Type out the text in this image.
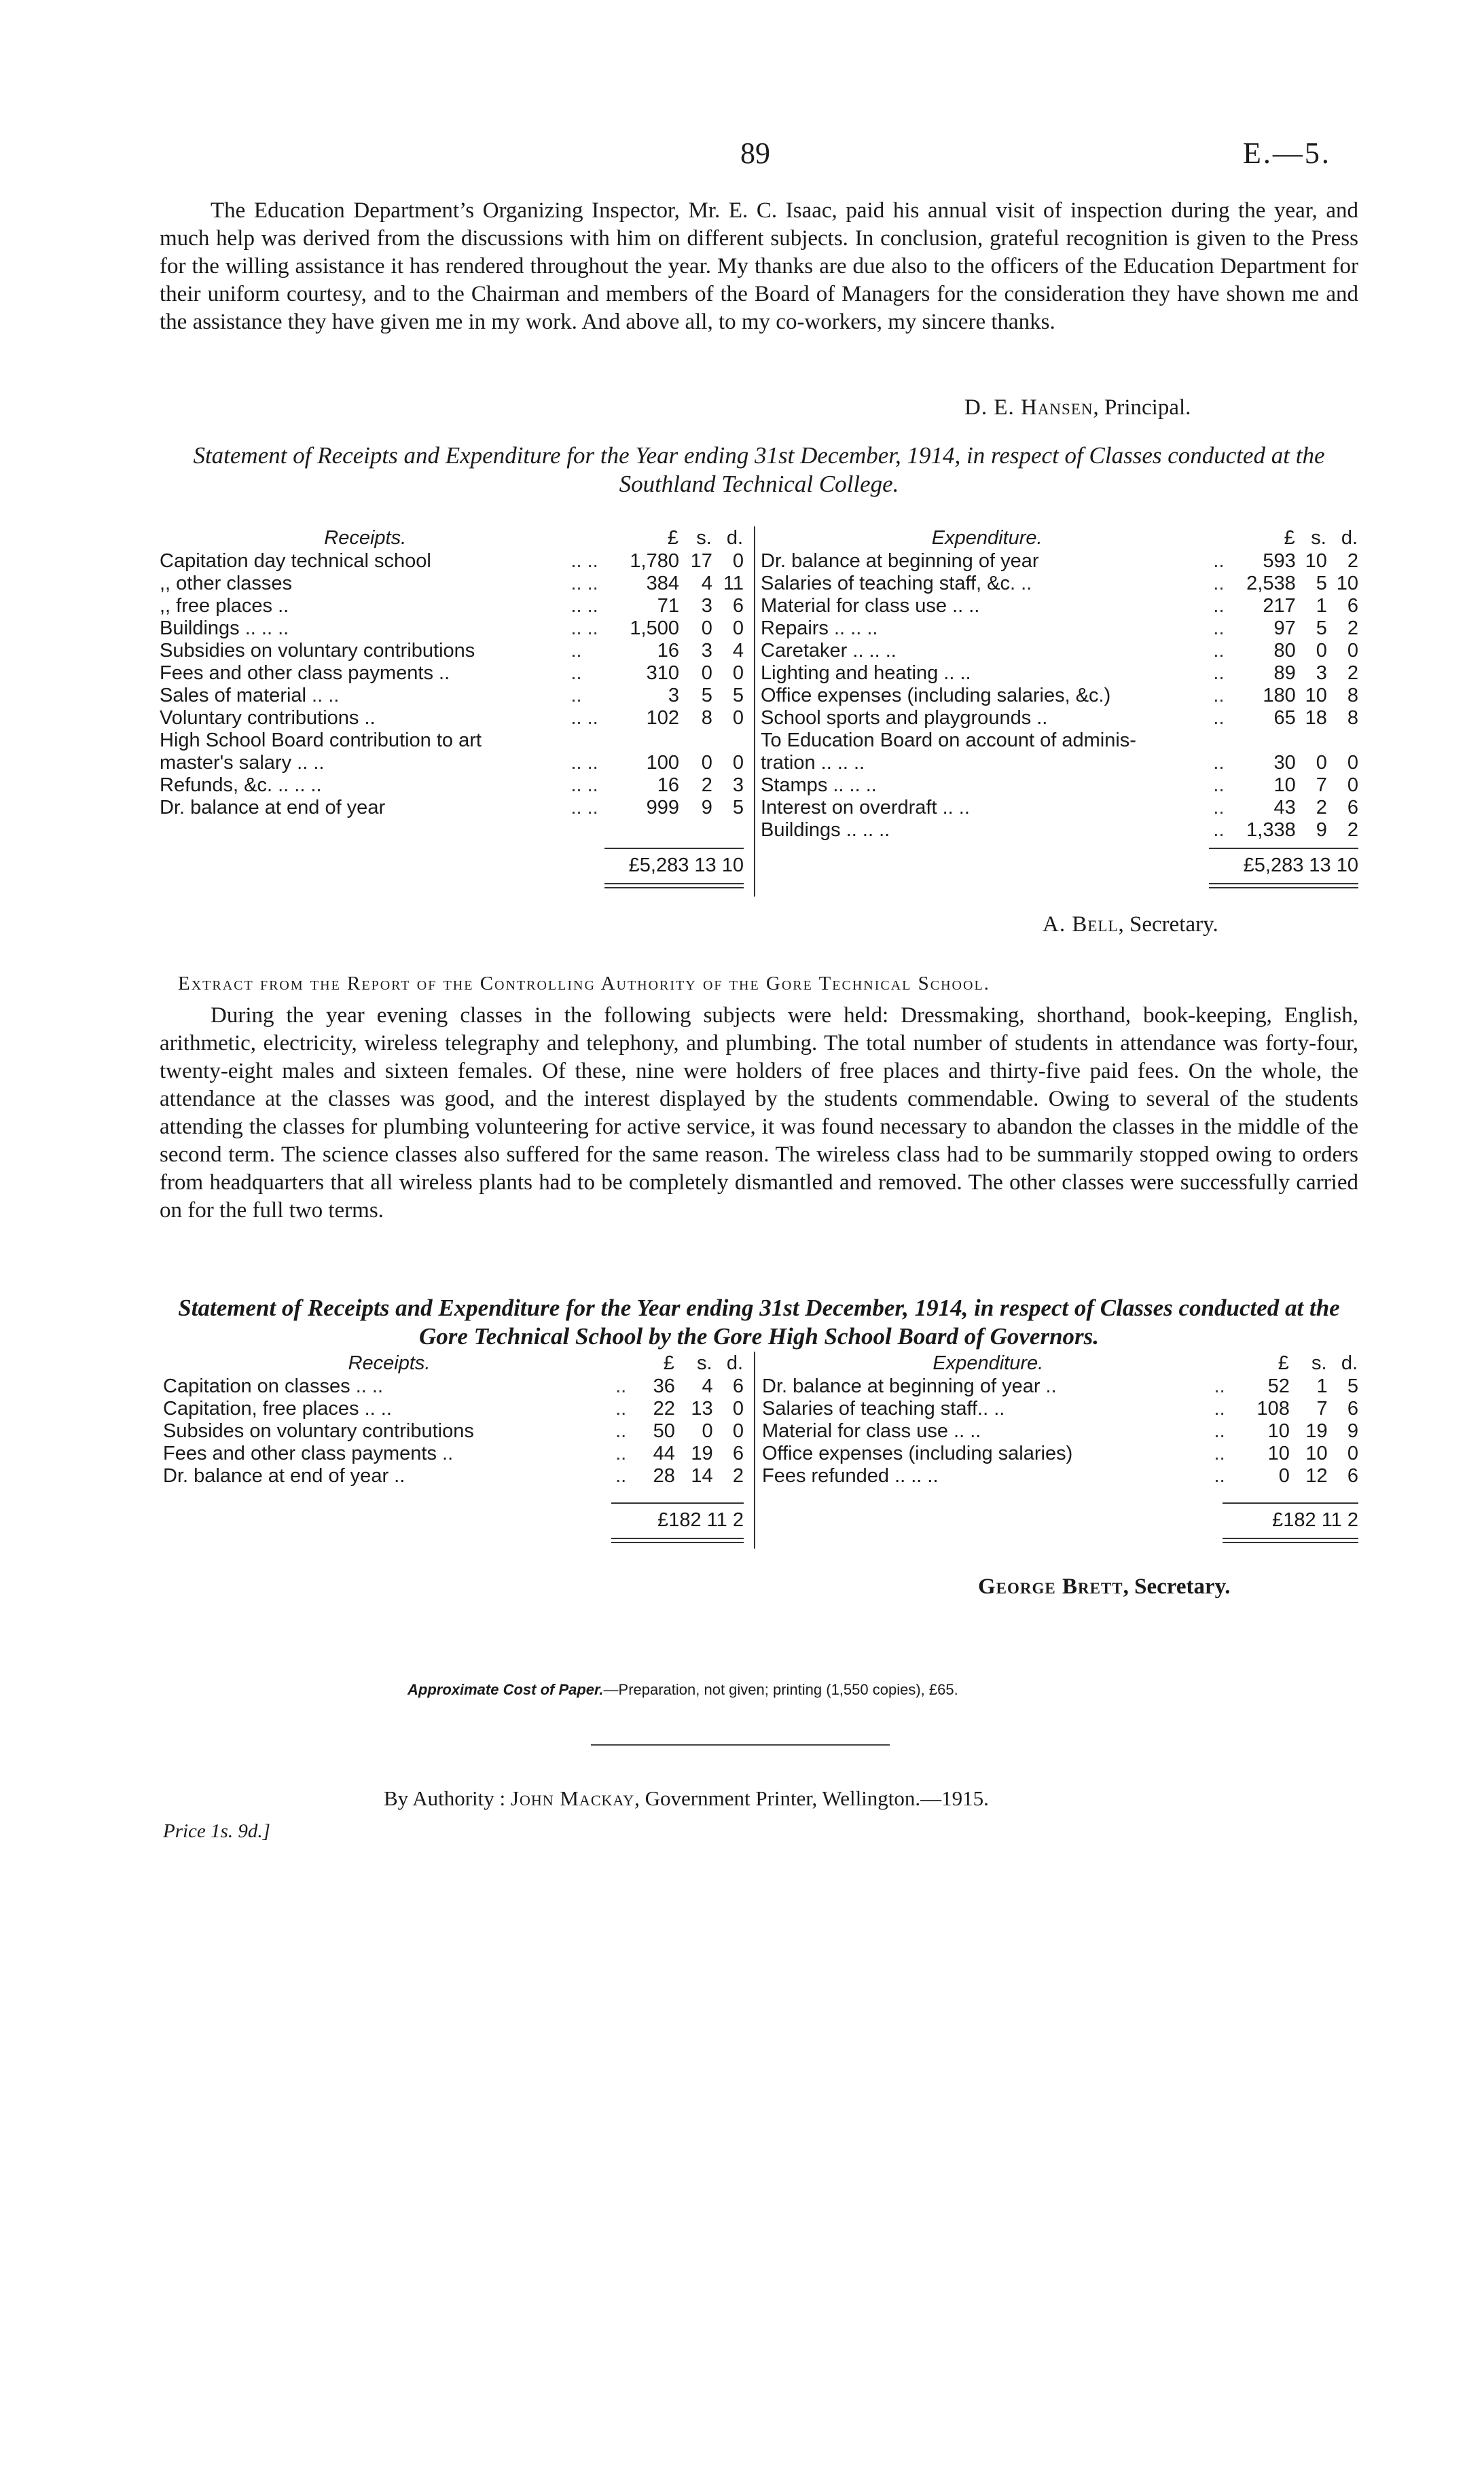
89	E.—5.
The Education Department’s Organizing Inspector, Mr. E. C. Isaac, paid his annual visit of inspection during the year, and much help was derived from the discussions with him on different subjects. In conclusion, grateful recognition is given to the Press for the willing assistance it has rendered throughout the year. My thanks are due also to the officers of the Education Department for their uniform courtesy, and to the Chairman and members of the Board of Managers for the consideration they have shown me and the assistance they have given me in my work. And above all, to my co-workers, my sincere thanks.
D. E. Hansen, Principal.
Statement of Receipts and Expenditure for the Year ending 31st December, 1914, in respect of Classes conducted at the Southland Technical College.
Receipts.		£	s.	d.
Capitation day technical school	.. ..	1,780	17	0
,, other classes	.. ..	384	4	11
,, free places ..	.. ..	71	3	6
Buildings .. .. ..	.. ..	1,500	0	0
Subsidies on voluntary contributions	..	16	3	4
Fees and other class payments ..	..	310	0	0
Sales of material .. ..	..	3	5	5
Voluntary contributions ..	.. ..	102	8	0
High School Board contribution to art				
master's salary .. ..	.. ..	100	0	0
Refunds, &c. .. .. ..	.. ..	16	2	3
Dr. balance at end of year	.. ..	999	9	5
Expenditure.		£	s.	d.
Dr. balance at beginning of year	..	593	10	2
Salaries of teaching staff, &c. ..	..	2,538	5	10
Material for class use .. ..	..	217	1	6
Repairs .. .. ..	..	97	5	2
Caretaker .. .. ..	..	80	0	0
Lighting and heating .. ..	..	89	3	2
Office expenses (including salaries, &c.)	..	180	10	8
School sports and playgrounds ..	..	65	18	8
To Education Board on account of adminis-				
tration .. .. ..	..	30	0	0
Stamps .. .. ..	..	10	7	0
Interest on overdraft .. ..	..	43	2	6
Buildings .. .. ..	..	1,338	9	2
£5,283 13 10	£5,283 13 10
A. Bell, Secretary.
Extract from the Report of the Controlling Authority of the Gore Technical School.
During the year evening classes in the following subjects were held: Dressmaking, shorthand, book-keeping, English, arithmetic, electricity, wireless telegraphy and telephony, and plumbing. The total number of students in attendance was forty-four, twenty-eight males and sixteen females. Of these, nine were holders of free places and thirty-five paid fees. On the whole, the attendance at the classes was good, and the interest displayed by the students commendable. Owing to several of the students attending the classes for plumbing volunteering for active service, it was found necessary to abandon the classes in the middle of the second term. The science classes also suffered for the same reason. The wireless class had to be summarily stopped owing to orders from headquarters that all wireless plants had to be completely dismantled and removed. The other classes were successfully carried on for the full two terms.
Statement of Receipts and Expenditure for the Year ending 31st December, 1914, in respect of Classes conducted at the Gore Technical School by the Gore High School Board of Governors.
Receipts.		£	s.	d.
Capitation on classes .. ..	..	36	4	6
Capitation, free places .. ..	..	22	13	0
Subsides on voluntary contributions	..	50	0	0
Fees and other class payments ..	..	44	19	6
Dr. balance at end of year ..	..	28	14	2
Expenditure.		£	s.	d.
Dr. balance at beginning of year ..	..	52	1	5
Salaries of teaching staff.. ..	..	108	7	6
Material for class use .. ..	..	10	19	9
Office expenses (including salaries)	..	10	10	0
Fees refunded .. .. ..	..	0	12	6
£182 11 2	£182 11 2
George Brett, Secretary.
Approximate Cost of Paper.—Preparation, not given; printing (1,550 copies), £65.
By Authority : John Mackay, Government Printer, Wellington.—1915.
Price 1s. 9d.]
